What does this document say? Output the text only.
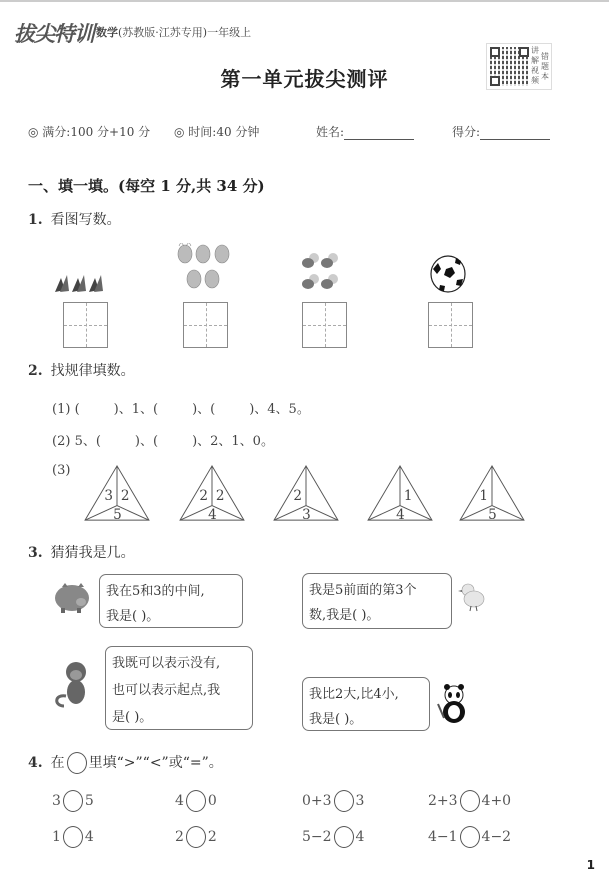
拔尖特训 数学(苏教版·江苏专用)一年级上
讲解视频
错题本
第一单元拔尖测评
◎ 满分:100 分+10 分 ◎ 时间:40 分钟	姓名:	得分:
一、填一填。(每空 1 分,共 34 分)
1. 看图写数。
2. 找规律填数。
(1) (	)、1、(	)、(	)、4、5。
(2) 5、(	)、(	)、2、1、0。
(3)
3 2
5
2 2
4
2
3
1
4
1
5
3. 猜猜我是几。
我在5和3的中间,
我是( )。
我是5前面的第3个
数,我是( )。
我既可以表示没有,
也可以表示起点,我
是( )。
我比2大,比4小,
我是( )。
4. 在 里填“>”“<”或“=”。
3 5	4 0	0+3 3	2+3 4+0
1 4	2 2	5−2 4	4−1 4−2
1
